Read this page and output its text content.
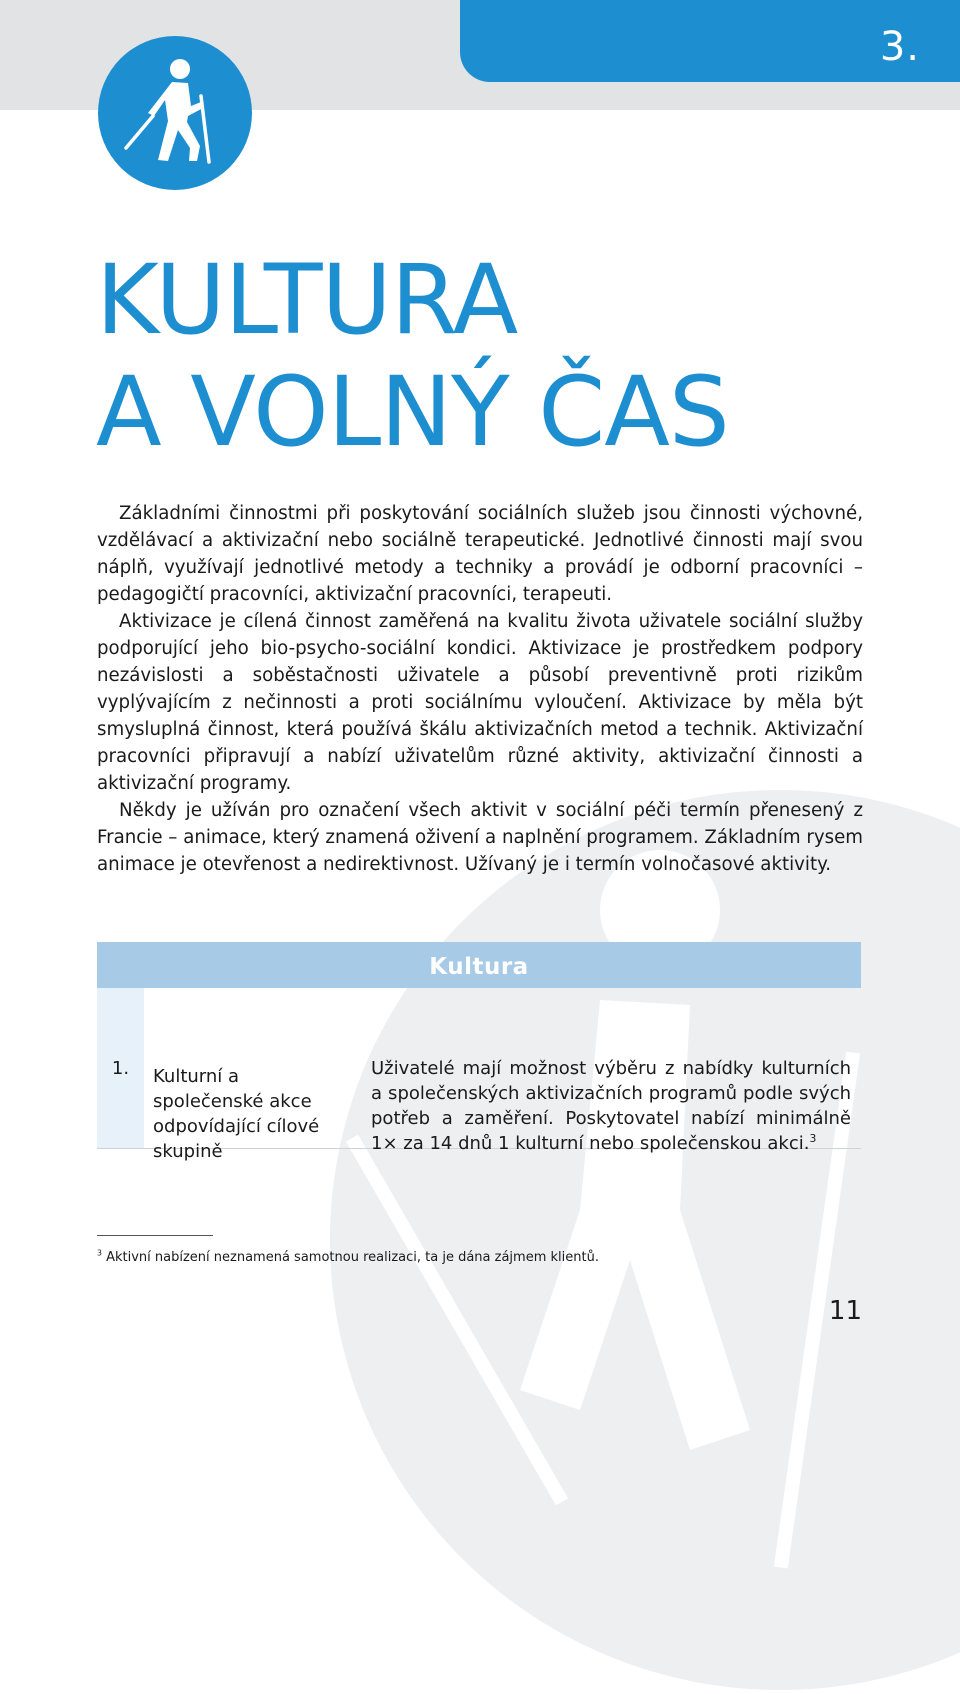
3.
KULTURA
A VOLNÝ ČAS

Základními činnostmi při poskytování sociálních služeb jsou činnosti výchovné, vzdělávací a aktivizační nebo sociálně terapeutické. Jednotlivé činnosti mají svou náplň, využívají jednotlivé metody a techniky a provádí je odborní pracovníci – pedagogičtí pracovníci, aktivizační pracovníci, terapeuti.

Aktivizace je cílená činnost zaměřená na kvalitu života uživatele sociální služby podporující jeho bio-psycho-sociální kondici. Aktivizace je prostředkem podpory nezávislosti a soběstačnosti uživatele a působí preventivně proti rizikům vyplývajícím z nečinnosti a proti sociálnímu vyloučení. Aktivizace by měla být smysluplná činnost, která používá škálu aktivizačních metod a technik. Aktivizační pracovníci připravují a nabízí uživatelům různé aktivity, aktivizační činnosti a aktivizační programy.

Někdy je užíván pro označení všech aktivit v sociální péči termín přenesený z Francie – animace, který znamená oživení a naplnění programem. Základním rysem animace je otevřenost a nedirektivnost. Užívaný je i termín volnočasové aktivity.

Kultura
1.	Kulturní a společenské akce odpovídající cílové skupině
Uživatelé mají možnost výběru z nabídky kulturních a společenských aktivizačních programů podle svých potřeb a zaměření. Poskytovatel nabízí minimálně 1× za 14 dnů 1 kulturní nebo společenskou akci.$^3$
$^3$ Aktivní nabízení neznamená samotnou realizaci, ta je dána zájmem klientů.
11
